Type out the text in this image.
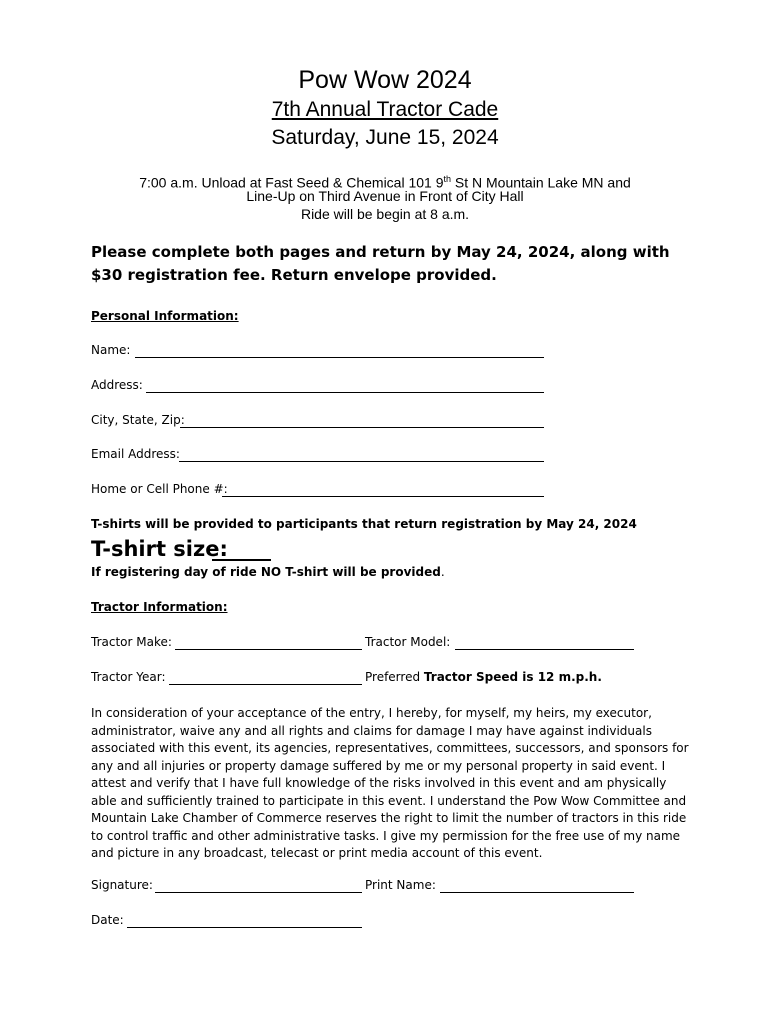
Pow Wow 2024
7th Annual Tractor Cade
Saturday, June 15, 2024
7:00 a.m. Unload at Fast Seed & Chemical 101 9th St N Mountain Lake MN and
Line-Up on Third Avenue in Front of City Hall
Ride will be begin at 8 a.m.
Please complete both pages and return by May 24, 2024, along with
$30 registration fee. Return envelope provided.
Personal Information:
Name:
Address:
City, State, Zip:
Email Address:
Home or Cell Phone #:
T-shirts will be provided to participants that return registration by May 24, 2024
T-shirt size:
If registering day of ride NO T-shirt will be provided.
Tractor Information:
Tractor Make:	Tractor Model:
Tractor Year:	Preferred Tractor Speed is 12 m.p.h.
In consideration of your acceptance of the entry, I hereby, for myself, my heirs, my executor, administrator, waive any and all rights and claims for damage I may have against individuals associated with this event, its agencies, representatives, committees, successors, and sponsors for any and all injuries or property damage suffered by me or my personal property in said event. I attest and verify that I have full knowledge of the risks involved in this event and am physically able and sufficiently trained to participate in this event. I understand the Pow Wow Committee and Mountain Lake Chamber of Commerce reserves the right to limit the number of tractors in this ride to control traffic and other administrative tasks. I give my permission for the free use of my name and picture in any broadcast, telecast or print media account of this event.
Signature:	Print Name:
Date:
